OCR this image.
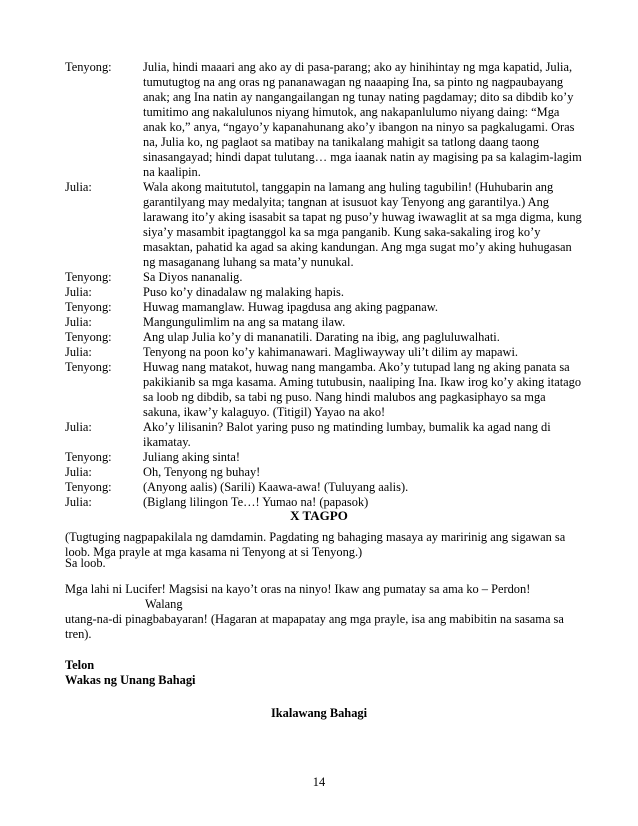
Tenyong:	Julia, hindi maaari ang ako ay di pasa-parang; ako ay hinihintay ng mga kapatid, Julia, tumutugtog na ang oras ng pananawagan ng naaaping Ina, sa pinto ng nagpaubayang anak; ang Ina natin ay nangangailangan ng tunay nating pagdamay; dito sa dibdib ko’y tumitimo ang nakalulunos niyang himutok, ang nakapanlulumo niyang daing: “Mga anak ko,” anya, “ngayo’y kapanahunang ako’y ibangon na ninyo sa pagkalugami. Oras na, Julia ko, ng paglaot sa matibay na tanikalang mahigit sa tatlong daang taong sinasangayad; hindi dapat tulutang… mga iaanak natin ay magising pa sa kalagim-lagim na kaalipin.
Julia:	Wala akong maitututol, tanggapin na lamang ang huling tagubilin! (Huhubarin ang garantilyang may medalyita; tangnan at isusuot kay Tenyong ang garantilya.) Ang larawang ito’y aking isasabit sa tapat ng puso’y huwag iwawaglit at sa mga digma, kung siya’y masambit ipagtanggol ka sa mga panganib. Kung saka-sakaling irog ko’y masaktan, pahatid ka agad sa aking kandungan. Ang mga sugat mo’y aking huhugasan ng masaganang luhang sa mata’y nunukal.
Tenyong:	Sa Diyos nananalig.
Julia:	Puso ko’y dinadalaw ng malaking hapis.
Tenyong:	Huwag mamanglaw. Huwag ipagdusa ang aking pagpanaw.
Julia:	Mangungulimlim na ang sa matang ilaw.
Tenyong:	Ang ulap Julia ko’y di mananatili. Darating na ibig, ang pagluluwalhati.
Julia:	Tenyong na poon ko’y kahimanawari. Magliwayway uli’t dilim ay mapawi.
Tenyong:	Huwag nang matakot, huwag nang mangamba. Ako’y tutupad lang ng aking panata sa pakikianib sa mga kasama. Aming tutubusin, naaliping Ina. Ikaw irog ko’y aking itatago sa loob ng dibdib, sa tabi ng puso. Nang hindi malubos ang pagkasiphayo sa mga sakuna, ikaw’y kalaguyo. (Titigil) Yayao na ako!
Julia:	Ako’y lilisanin? Balot yaring puso ng matinding lumbay, bumalik ka agad nang di ikamatay.
Tenyong:	Juliang aking sinta!
Julia:	Oh, Tenyong ng buhay!
Tenyong:	(Anyong aalis) (Sarili) Kaawa-awa! (Tuluyang aalis).
Julia:	(Biglang lilingon Te…! Yumao na! (papasok)
X TAGPO
(Tugtuging nagpapakilala ng damdamin. Pagdating ng bahaging masaya ay maririnig ang sigawan sa loob. Mga prayle at mga kasama ni Tenyong at si Tenyong.)
Sa loob.
Mga lahi ni Lucifer! Magsisi na kayo’t oras na ninyo! Ikaw ang pumatay sa ama ko – Perdon!
Walang
utang-na-di pinagbabayaran! (Hagaran at mapapatay ang mga prayle, isa ang mabibitin na sasama sa tren).
Telon
Wakas ng Unang Bahagi
Ikalawang Bahagi
14
